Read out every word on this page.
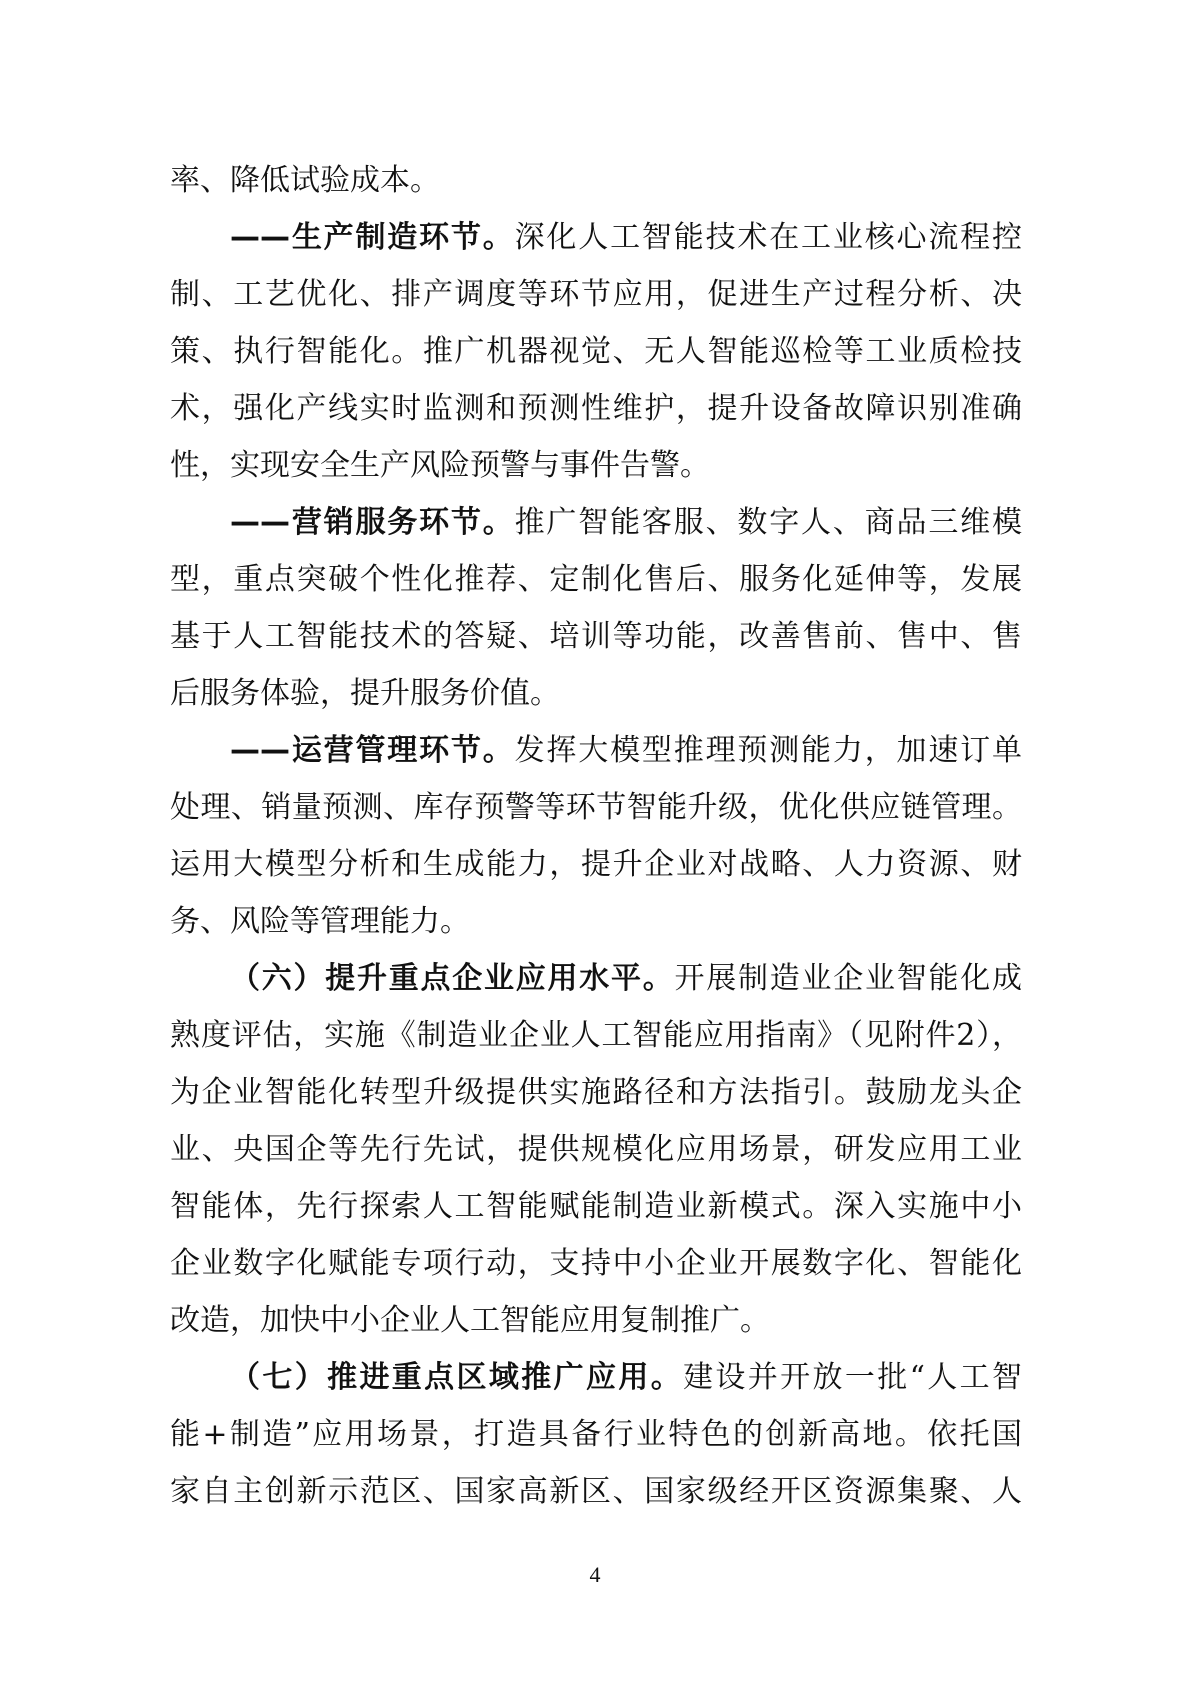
率、降低试验成本。
——生产制造环节。深化人工智能技术在工业核心流程控
制、工艺优化、排产调度等环节应用，促进生产过程分析、决
策、执行智能化。推广机器视觉、无人智能巡检等工业质检技
术，强化产线实时监测和预测性维护，提升设备故障识别准确
性，实现安全生产风险预警与事件告警。
——营销服务环节。推广智能客服、数字人、商品三维模
型，重点突破个性化推荐、定制化售后、服务化延伸等，发展
基于人工智能技术的答疑、培训等功能，改善售前、售中、售
后服务体验，提升服务价值。
——运营管理环节。发挥大模型推理预测能力，加速订单
处理、销量预测、库存预警等环节智能升级，优化供应链管理。
运用大模型分析和生成能力，提升企业对战略、人力资源、财
务、风险等管理能力。
（六）提升重点企业应用水平。开展制造业企业智能化成
熟度评估，实施《制造业企业人工智能应用指南》（见附件2），
为企业智能化转型升级提供实施路径和方法指引。鼓励龙头企
业、央国企等先行先试，提供规模化应用场景，研发应用工业
智能体，先行探索人工智能赋能制造业新模式。深入实施中小
企业数字化赋能专项行动，支持中小企业开展数字化、智能化
改造，加快中小企业人工智能应用复制推广。
（七）推进重点区域推广应用。建设并开放一批“人工智
能+制造”应用场景，打造具备行业特色的创新高地。依托国
家自主创新示范区、国家高新区、国家级经开区资源集聚、人
4
